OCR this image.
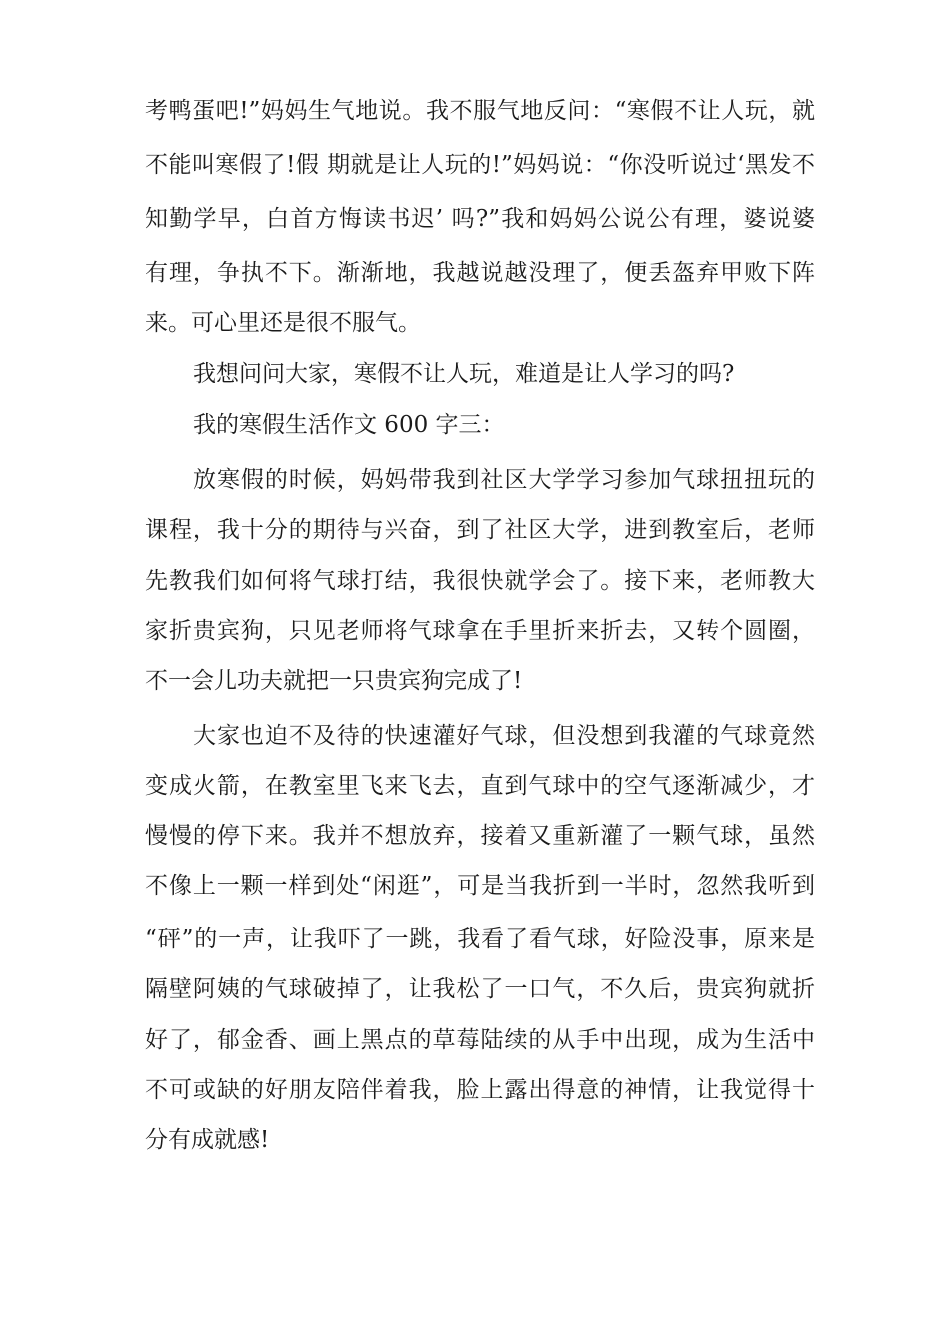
考鸭蛋吧!”妈妈生气地说。我不服气地反问：“寒假不让人玩，就
不能叫寒假了!假 期就是让人玩的!”妈妈说：“你没听说过‘黑发不
知勤学早，白首方悔读书迟’ 吗?”我和妈妈公说公有理，婆说婆
有理，争执不下。渐渐地，我越说越没理了，便丢盔弃甲败下阵
来。可心里还是很不服气。
我想问问大家，寒假不让人玩，难道是让人学习的吗?
我的寒假生活作文 600 字三：
放寒假的时候，妈妈带我到社区大学学习参加气球扭扭玩的
课程，我十分的期待与兴奋，到了社区大学，进到教室后，老师
先教我们如何将气球打结，我很快就学会了。接下来，老师教大
家折贵宾狗，只见老师将气球拿在手里折来折去，又转个圆圈，
不一会儿功夫就把一只贵宾狗完成了!
大家也迫不及待的快速灌好气球，但没想到我灌的气球竟然
变成火箭，在教室里飞来飞去，直到气球中的空气逐渐减少，才
慢慢的停下来。我并不想放弃，接着又重新灌了一颗气球，虽然
不像上一颗一样到处“闲逛”，可是当我折到一半时，忽然我听到
“砰”的一声，让我吓了一跳，我看了看气球，好险没事，原来是
隔壁阿姨的气球破掉了，让我松了一口气，不久后，贵宾狗就折
好了，郁金香、画上黑点的草莓陆续的从手中出现，成为生活中
不可或缺的好朋友陪伴着我，脸上露出得意的神情，让我觉得十
分有成就感!
